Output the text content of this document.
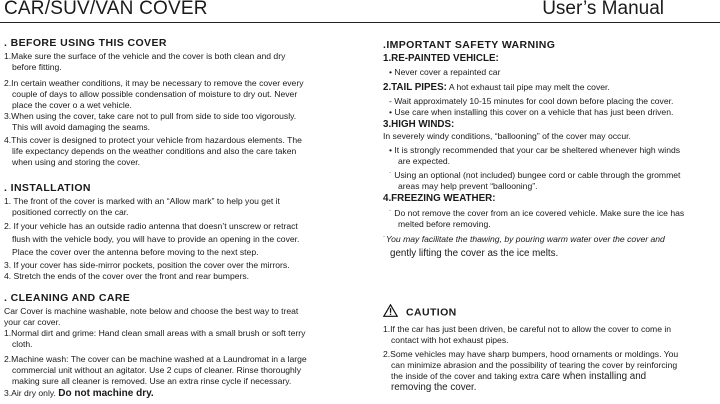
CAR/SUV/VAN COVER	User’s Manual
. BEFORE USING THIS COVER
1.Make sure the surface of the vehicle and the cover is both clean and dry
before fitting.
2.In certain weather conditions, it may be necessary to remove the cover every
couple of days to allow possible condensation of moisture to dry out. Never
place the cover o a wet vehicle.
3.When using the cover, take care not to pull from side to side too vigorously.
This will avoid damaging the seams.
4.This cover is designed to protect your vehicle from hazardous elements. The
life expectancy depends on the weather conditions and also the care taken
when using and storing the cover.
. INSTALLATION
1. The front of the cover is marked with an “Allow mark” to help you get it
positioned correctly on the car.
2. If your vehicle has an outside radio antenna that doesn’t unscrew or retract
flush with the vehicle body, you will have to provide an opening in the cover.
Place the cover over the antenna before moving to the next step.
3. If your cover has side-mirror pockets, position the cover over the mirrors.
4. Stretch the ends of the cover over the front and rear bumpers.
. CLEANING AND CARE
Car Cover is machine washable, note below and choose the best way to treat
your car cover.
1.Normal dirt and grime: Hand clean small areas with a small brush or soft terry
cloth.
2.Machine wash: The cover can be machine washed at a Laundromat in a large
commercial unit without an agitator. Use 2 cups of cleaner. Rinse thoroughly
making sure all cleaner is removed. Use an extra rinse cycle if necessary.
3.Air dry only. Do not machine dry.
.IMPORTANT SAFETY WARNING
1.RE-PAINTED VEHICLE:
• Never cover a repainted car
2.TAIL PIPES: A hot exhaust tail pipe may melt the cover.
- Wait approximately 10-15 minutes for cool down before placing the cover.
• Use care when installing this cover on a vehicle that has just been driven.
3.HIGH WINDS:
In severely windy conditions, “ballooning” of the cover may occur.
• It is strongly recommended that your car be sheltered whenever high winds
are expected.
˙ Using an optional (not included) bungee cord or cable through the grommet
areas may help prevent “ballooning”.
4.FREEZING WEATHER:
˙ Do not remove the cover from an ice covered vehicle. Make sure the ice has
melted before removing.
˙You may facilitate the thawing, by pouring warm water over the cover and
gently lifting the cover as the ice melts.
CAUTION
1.If the car has just been driven, be careful not to allow the cover to come in
contact with hot exhaust pipes.
2.Some vehicles may have sharp bumpers, hood ornaments or moldings. You
can minimize abrasion and the possibility of tearing the cover by reinforcing
the inside of the cover and taking extra care when installing and
removing the cover.
